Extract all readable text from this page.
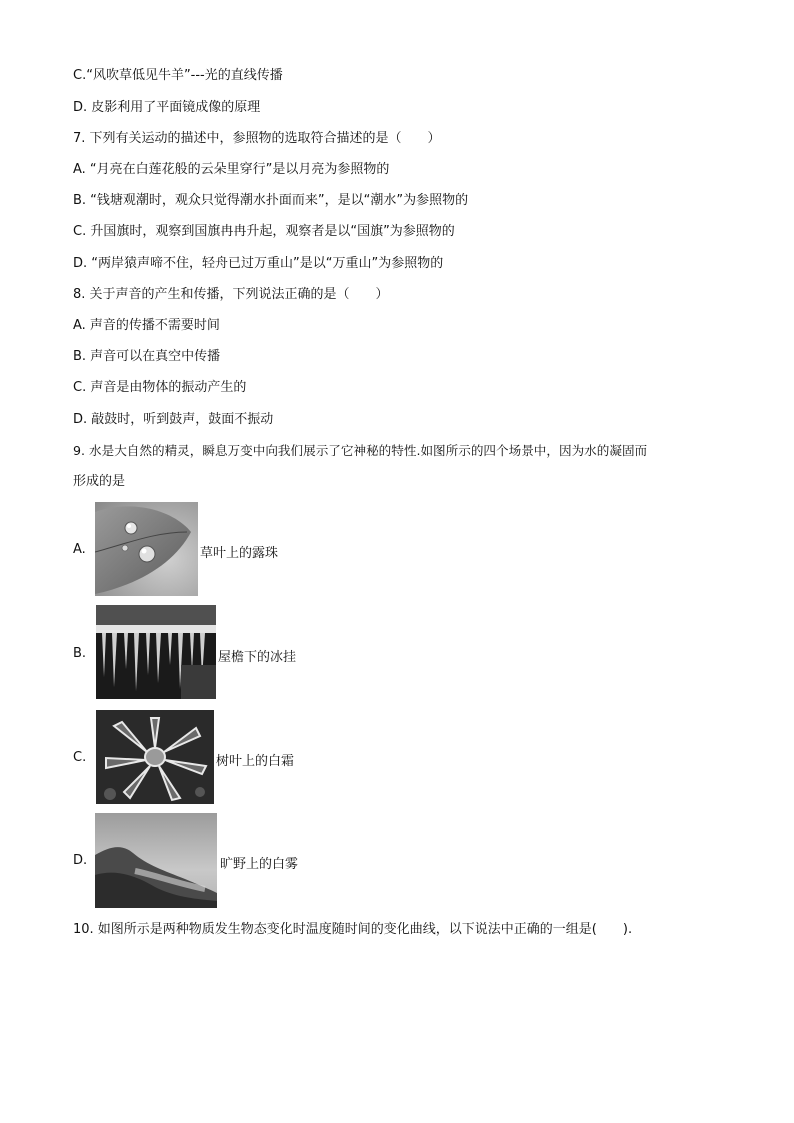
C.“风吹草低见牛羊”---光的直线传播
D. 皮影利用了平面镜成像的原理
7. 下列有关运动的描述中，参照物的选取符合描述的是（　　）
A. “月亮在白莲花般的云朵里穿行”是以月亮为参照物的
B. “钱塘观潮时，观众只觉得潮水扑面而来”，是以“潮水”为参照物的
C. 升国旗时，观察到国旗冉冉升起，观察者是以“国旗”为参照物的
D. “两岸猿声啼不住，轻舟已过万重山”是以“万重山”为参照物的
8. 关于声音的产生和传播，下列说法正确的是（　　）
A. 声音的传播不需要时间
B. 声音可以在真空中传播
C. 声音是由物体的振动产生的
D. 敲鼓时，听到鼓声，鼓面不振动
9. 水是大自然的精灵，瞬息万变中向我们展示了它神秘的特性.如图所示的四个场景中，因为水的凝固而
形成的是
A.	草叶上的露珠
B.	屋檐下的冰挂
C.	树叶上的白霜
D.	旷野上的白雾
10. 如图所示是两种物质发生物态变化时温度随时间的变化曲线，以下说法中正确的一组是(　　).
